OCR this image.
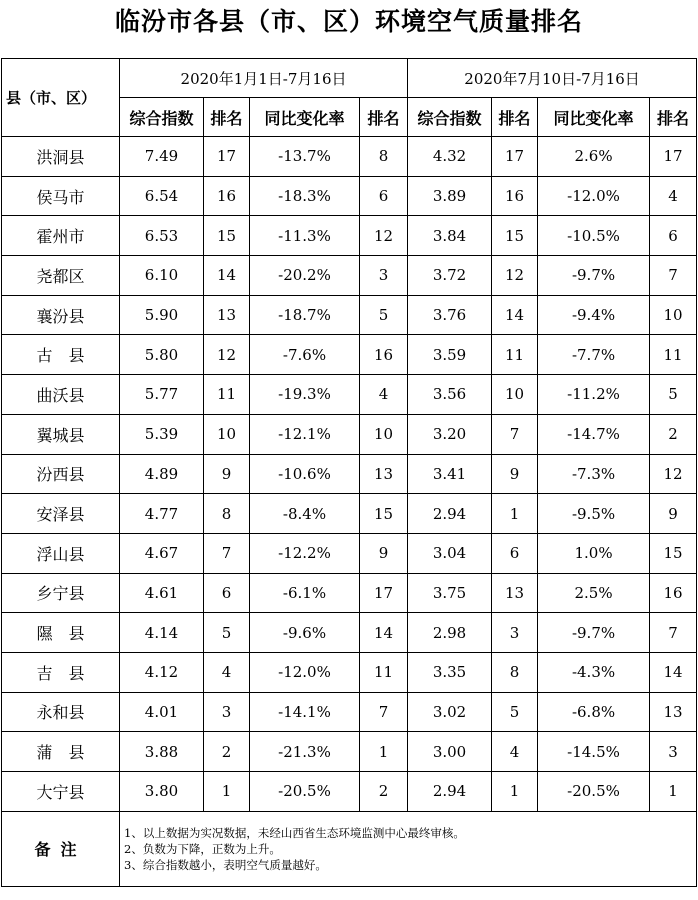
临汾市各县（市、区）环境空气质量排名
县（市、区）	2020年1月1日-7月16日				2020年7月10日-7月16日			
	综合指数	排名	同比变化率	排名	综合指数	排名	同比变化率	排名
洪洞县	7.49	17	-13.7%	8	4.32	17	2.6%	17
侯马市	6.54	16	-18.3%	6	3.89	16	-12.0%	4
霍州市	6.53	15	-11.3%	12	3.84	15	-10.5%	6
尧都区	6.10	14	-20.2%	3	3.72	12	-9.7%	7
襄汾县	5.90	13	-18.7%	5	3.76	14	-9.4%	10
古　县	5.80	12	-7.6%	16	3.59	11	-7.7%	11
曲沃县	5.77	11	-19.3%	4	3.56	10	-11.2%	5
翼城县	5.39	10	-12.1%	10	3.20	7	-14.7%	2
汾西县	4.89	9	-10.6%	13	3.41	9	-7.3%	12
安泽县	4.77	8	-8.4%	15	2.94	1	-9.5%	9
浮山县	4.67	7	-12.2%	9	3.04	6	1.0%	15
乡宁县	4.61	6	-6.1%	17	3.75	13	2.5%	16
隰　县	4.14	5	-9.6%	14	2.98	3	-9.7%	7
吉　县	4.12	4	-12.0%	11	3.35	8	-4.3%	14
永和县	4.01	3	-14.1%	7	3.02	5	-6.8%	13
蒲　县	3.88	2	-21.3%	1	3.00	4	-14.5%	3
大宁县	3.80	1	-20.5%	2	2.94	1	-20.5%	1
备注	1、以上数据为实况数据，未经山西省生态环境监测中心最终审核。
2、负数为下降，正数为上升。
3、综合指数越小，表明空气质量越好。							
